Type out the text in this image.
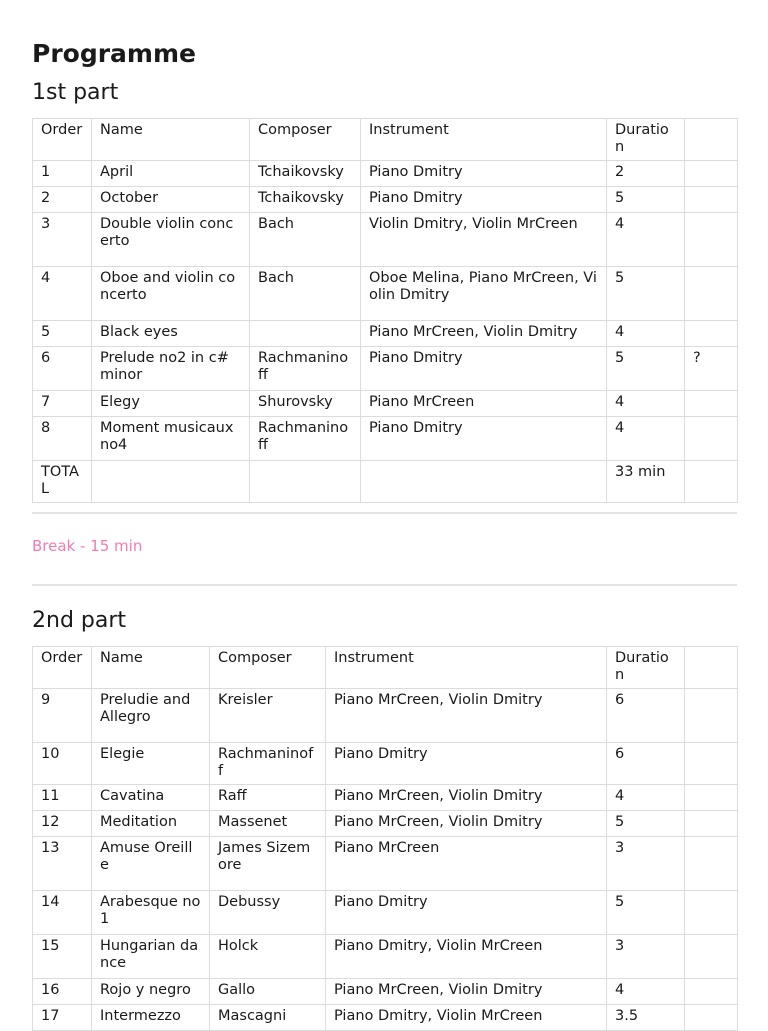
Programme
1st part
Order	Name	Composer	Instrument	Duration	
1	April	Tchaikovsky	Piano Dmitry	2	
2	October	Tchaikovsky	Piano Dmitry	5	
3	Double violin concerto	Bach	Violin Dmitry, Violin MrCreen	4	
4	Oboe and violin concerto	Bach	Oboe Melina, Piano MrCreen, Violin Dmitry	5	
5	Black eyes		Piano MrCreen, Violin Dmitry	4	
6	Prelude no2 in c# minor	Rachmaninoff	Piano Dmitry	5	?
7	Elegy	Shurovsky	Piano MrCreen	4	
8	Moment musicaux no4	Rachmaninoff	Piano Dmitry	4	
TOTAL				33 min	
Break - 15 min
2nd part
Order	Name	Composer	Instrument	Duration	
9	Preludie and Allegro	Kreisler	Piano MrCreen, Violin Dmitry	6	
10	Elegie	Rachmaninoff	Piano Dmitry	6	
11	Cavatina	Raff	Piano MrCreen, Violin Dmitry	4	
12	Meditation	Massenet	Piano MrCreen, Violin Dmitry	5	
13	Amuse Oreille	James Sizemore	Piano MrCreen	3	
14	Arabesque no1	Debussy	Piano Dmitry	5	
15	Hungarian dance	Holck	Piano Dmitry, Violin MrCreen	3	
16	Rojo y negro	Gallo	Piano MrCreen, Violin Dmitry	4	
17	Intermezzo	Mascagni	Piano Dmitry, Violin MrCreen	3.5	
